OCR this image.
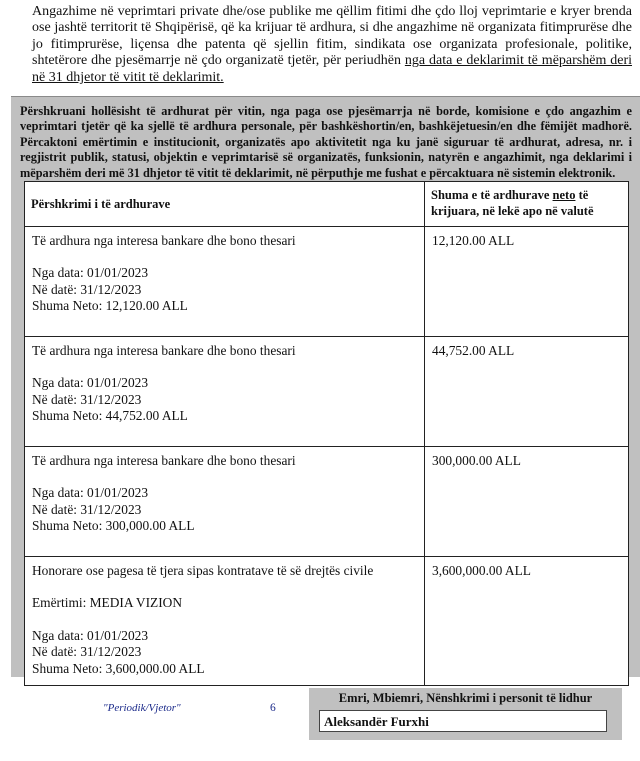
Angazhime në veprimtari private dhe/ose publike me qëllim fitimi dhe çdo lloj veprimtarie e kryer brenda ose jashtë territorit të Shqipërisë, që ka krijuar të ardhura, si dhe angazhime në organizata fitimprurëse dhe jo fitimprurëse, liçensa dhe patenta që sjellin fitim, sindikata ose organizata profesionale, politike, shtetërore dhe pjesëmarrje në çdo organizatë tjetër, për periudhën nga data e deklarimit të mëparshëm deri në 31 dhjetor të vitit të deklarimit.
Përshkruani hollësisht të ardhurat për vitin, nga paga ose pjesëmarrja në borde, komisione e çdo angazhim e veprimtari tjetër që ka sjellë të ardhura personale, për bashkëshortin/en, bashkëjetuesin/en dhe fëmijët madhorë. Përcaktoni emërtimin e institucionit, organizatës apo aktivitetit nga ku janë siguruar të ardhurat, adresa, nr. i regjistrit publik, statusi, objektin e veprimtarisë së organizatës, funksionin, natyrën e angazhimit, nga deklarimi i mëparshëm deri më 31 dhjetor të vitit të deklarimit, në përputhje me fushat e përcaktuara në sistemin elektronik.
Përshkrimi i të ardhurave	Shuma e të ardhurave neto të krijuara, në lekë apo në valutë

Të ardhura nga interesa bankare dhe bono thesari
Nga data: 01/01/2023
Në datë: 31/12/2023
Shuma Neto: 12,120.00 ALL	12,120.00 ALL

Të ardhura nga interesa bankare dhe bono thesari
Nga data: 01/01/2023
Në datë: 31/12/2023
Shuma Neto: 44,752.00 ALL	44,752.00 ALL

Të ardhura nga interesa bankare dhe bono thesari
Nga data: 01/01/2023
Në datë: 31/12/2023
Shuma Neto: 300,000.00 ALL	300,000.00 ALL

Honorare ose pagesa të tjera sipas kontratave të së drejtës civile
Emërtimi: MEDIA VIZION
Nga data: 01/01/2023
Në datë: 31/12/2023
Shuma Neto: 3,600,000.00 ALL	3,600,000.00 ALL
"Periodik/Vjetor"	6
Emri, Mbiemri, Nënshkrimi i personit të lidhur
Aleksandër Furxhi
